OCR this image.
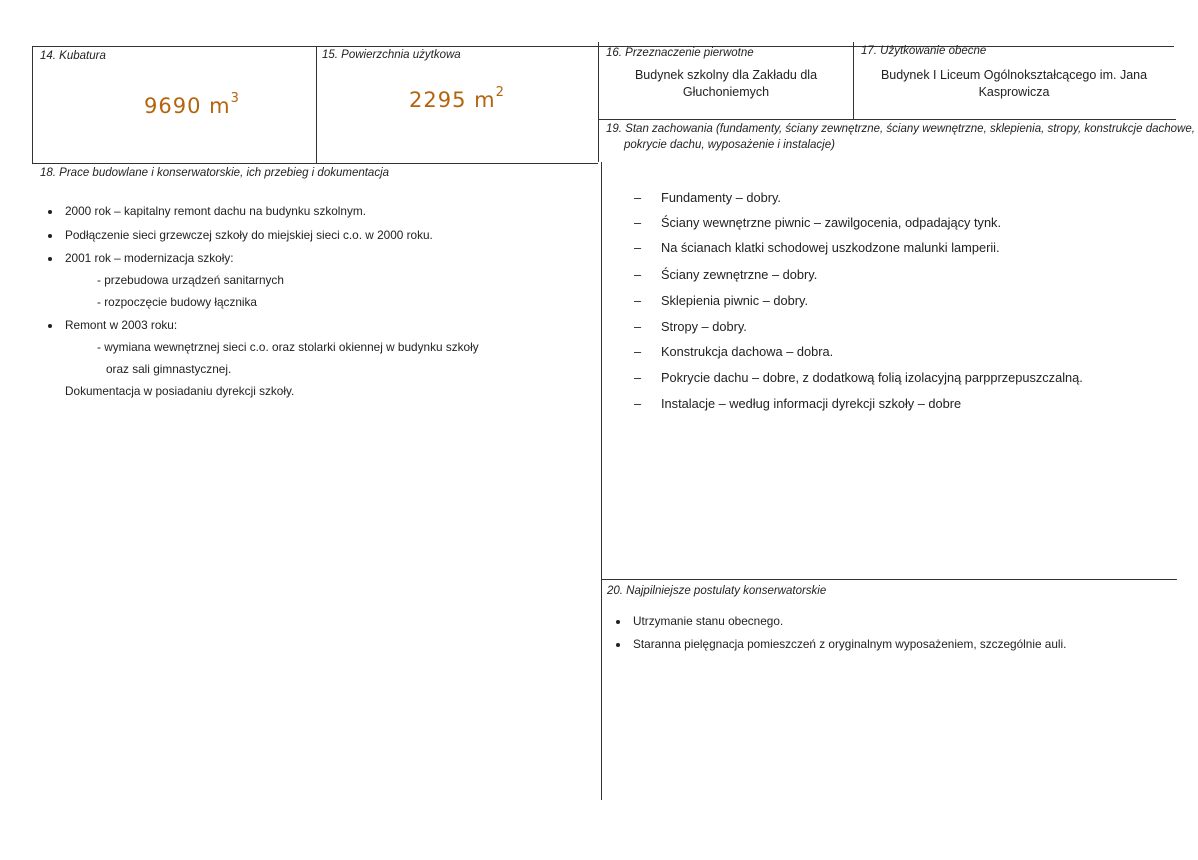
14. Kubatura
9690 $m^3$
15. Powierzchnia użytkowa
2295 $m^2$
16. Przeznaczenie pierwotne
Budynek szkolny dla Zakładu dla
Głuchoniemych
17. Użytkowanie obecne
Budynek I Liceum Ogólnokształcącego im. Jana
Kasprowicza
18. Prace budowlane i konserwatorskie, ich przebieg i dokumentacja
2000 rok – kapitalny remont dachu na budynku szkolnym.
Podłączenie sieci grzewczej szkoły do miejskiej sieci c.o. w 2000 roku.
2001 rok – modernizacja szkoły:
- przebudowa urządzeń sanitarnych
- rozpoczęcie budowy łącznika
Remont w 2003 roku:
- wymiana wewnętrznej sieci c.o. oraz stolarki okiennej w budynku szkoły
oraz sali gimnastycznej.
Dokumentacja w posiadaniu dyrekcji szkoły.
19. Stan zachowania (fundamenty, ściany zewnętrzne, ściany wewnętrzne, sklepienia, stropy, konstrukcje dachowe,
pokrycie dachu, wyposażenie i instalacje)
– Fundamenty – dobry.
– Ściany wewnętrzne piwnic – zawilgocenia, odpadający tynk.
– Na ścianach klatki schodowej uszkodzone malunki lamperii.
– Ściany zewnętrzne – dobry.
– Sklepienia piwnic – dobry.
– Stropy – dobry.
– Konstrukcja dachowa – dobra.
– Pokrycie dachu – dobre, z dodatkową folią izolacyjną parpprzepuszczalną.
– Instalacje – według informacji dyrekcji szkoły – dobre
20. Najpilniejsze postulaty konserwatorskie
Utrzymanie stanu obecnego.
Staranna pielęgnacja pomieszczeń z oryginalnym wyposażeniem, szczególnie auli.
